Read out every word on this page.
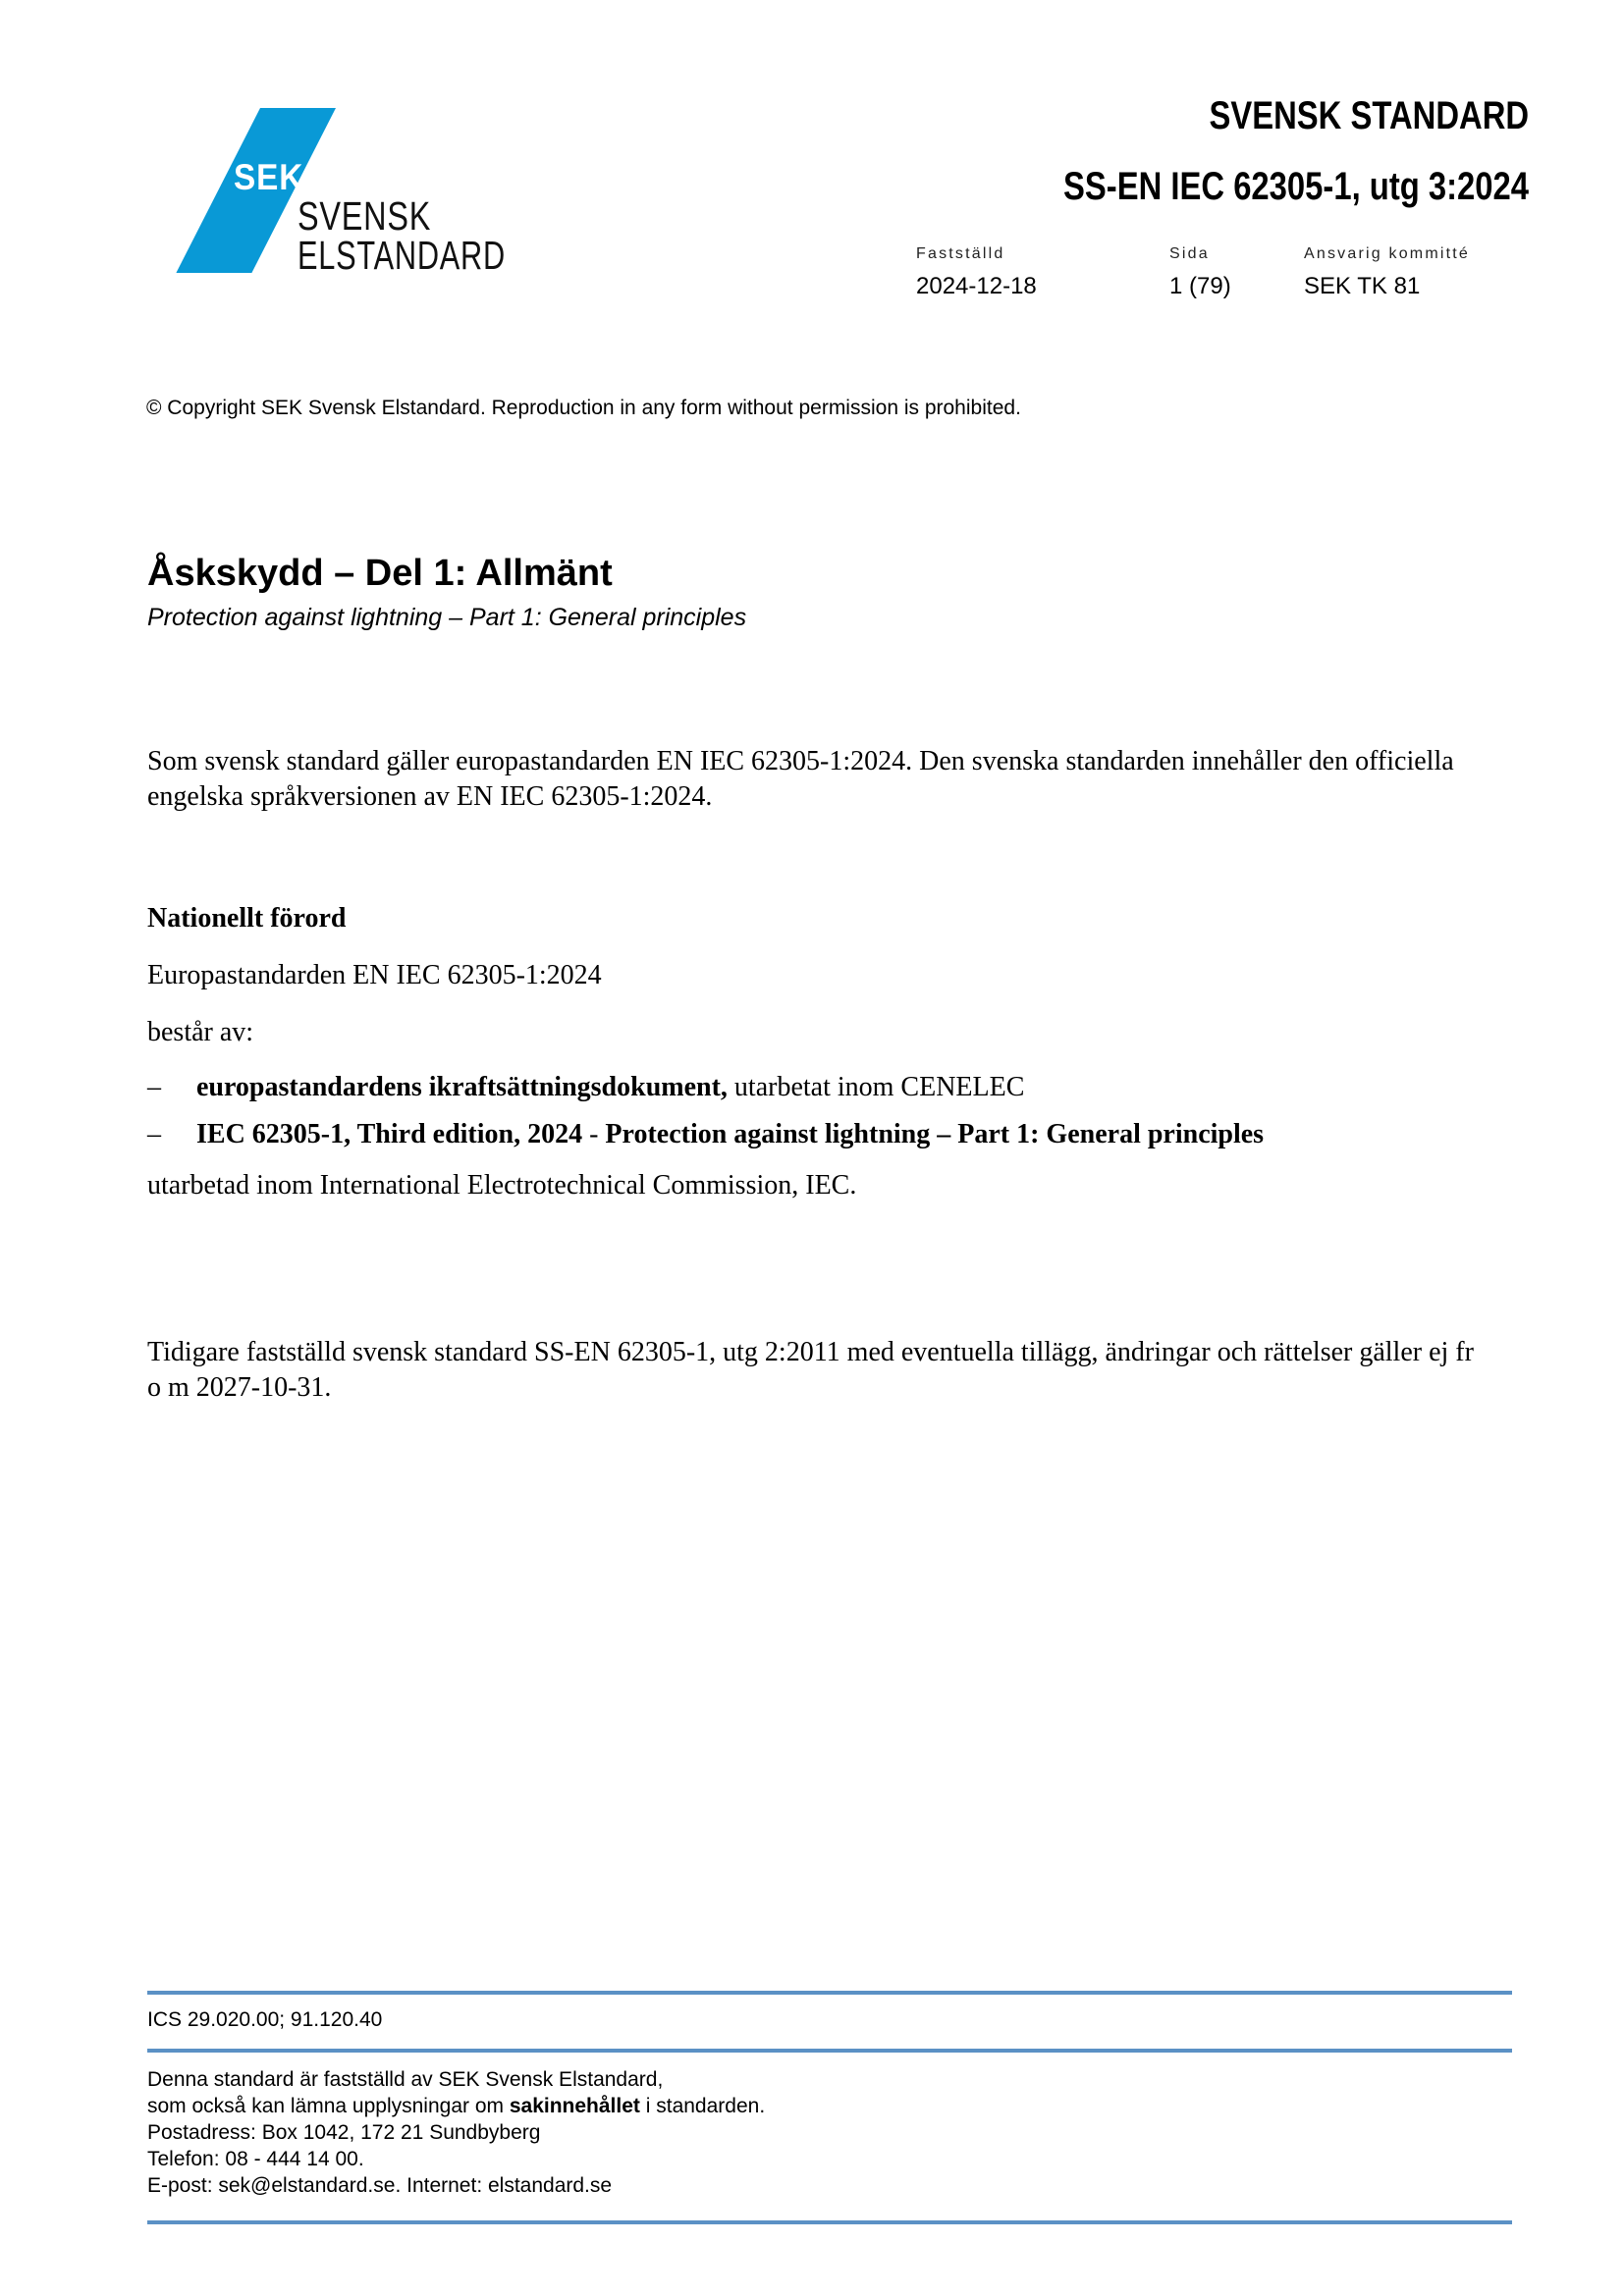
SEK
SVENSK
ELSTANDARD
SVENSK STANDARD
SS-EN IEC 62305-1, utg 3:2024
Fastställd
2024-12-18
Sida
1 (79)
Ansvarig kommitté
SEK TK 81
© Copyright SEK Svensk Elstandard. Reproduction in any form without permission is prohibited.
Åskskydd – Del 1: Allmänt
Protection against lightning – Part 1: General principles
Som svensk standard gäller europastandarden EN IEC 62305-1:2024. Den svenska standarden innehåller den officiella engelska språkversionen av EN IEC 62305-1:2024.
Nationellt förord
Europastandarden EN IEC 62305-1:2024
består av:
– europastandardens ikraftsättningsdokument, utarbetat inom CENELEC
– IEC 62305-1, Third edition, 2024 - Protection against lightning – Part 1: General principles
utarbetad inom International Electrotechnical Commission, IEC.
Tidigare fastställd svensk standard SS-EN 62305-1, utg 2:2011 med eventuella tillägg, ändringar och rättelser gäller ej fr o m 2027-10-31.
ICS 29.020.00; 91.120.40
Denna standard är fastställd av SEK Svensk Elstandard,
som också kan lämna upplysningar om sakinnehållet i standarden.
Postadress: Box 1042, 172 21 Sundbyberg
Telefon: 08 - 444 14 00.
E-post: sek@elstandard.se. Internet: elstandard.se
